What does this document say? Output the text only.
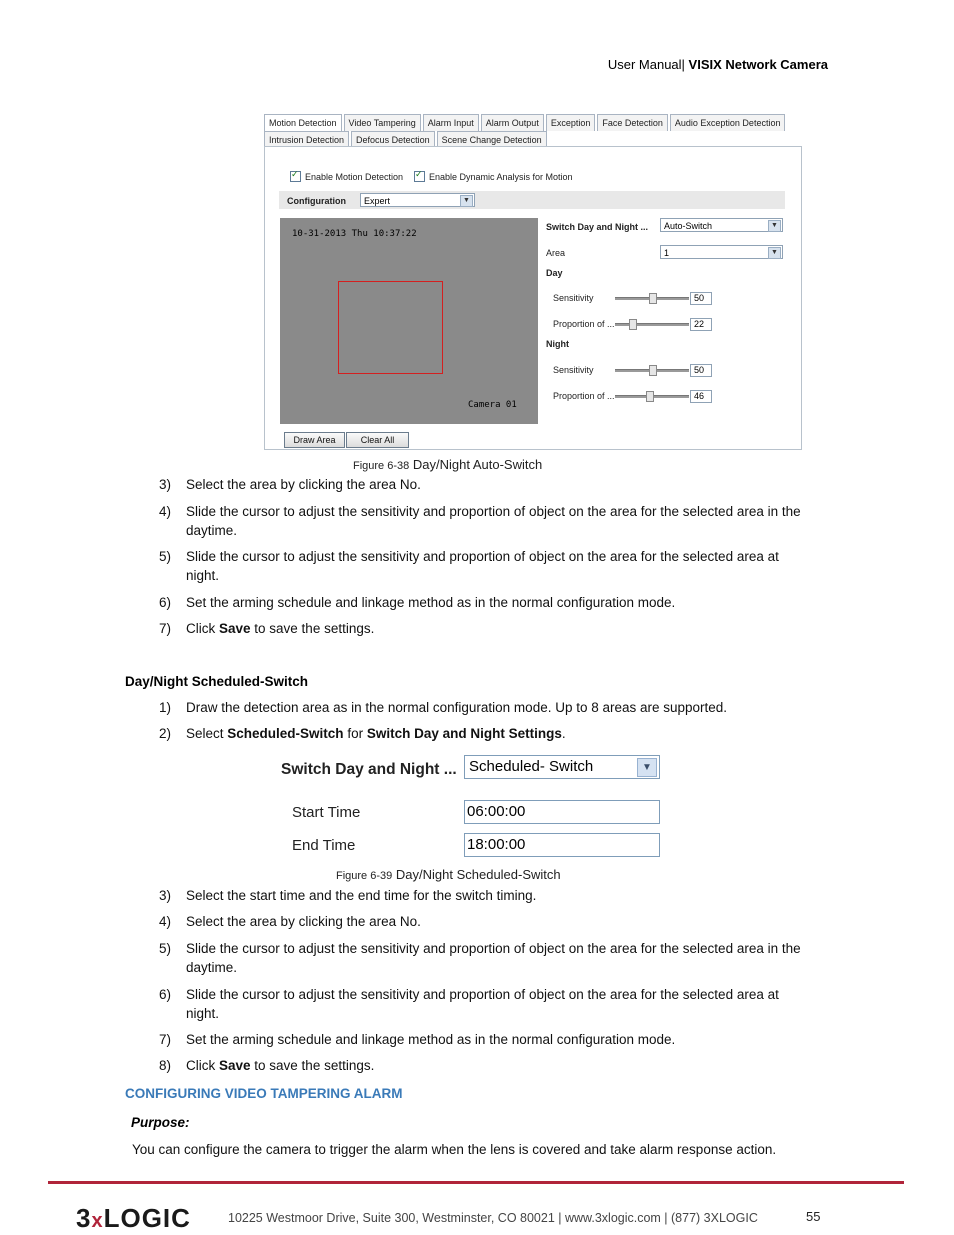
User Manual| VISIX Network Camera
Motion Detection	Video Tampering	Alarm Input	Alarm Output	Exception	Face Detection	Audio Exception Detection
Intrusion Detection	Defocus Detection	Scene Change Detection
✓
Enable Motion Detection ✓	Enable Dynamic Analysis for Motion
Configuration	Expert	▼
10-31-2013 Thu 10:37:22
Camera 01
Switch Day and Night ...	Auto-Switch	▼
Area	1	▼
Day
Sensitivity	50
Proportion of ...	22
Night
Sensitivity	50
Proportion of ...	46
Draw Area	Clear All
Figure 6-38 Day/Night Auto-Switch
3) Select the area by clicking the area No.
4) Slide the cursor to adjust the sensitivity and proportion of object on the area for the selected area in the daytime.
5) Slide the cursor to adjust the sensitivity and proportion of object on the area for the selected area at night.
6) Set the arming schedule and linkage method as in the normal configuration mode.
7) Click Save to save the settings.
Day/Night Scheduled-Switch
1) Draw the detection area as in the normal configuration mode. Up to 8 areas are supported.
2) Select Scheduled-Switch for Switch Day and Night Settings.
Switch Day and Night ... Scheduled- Switch	▼
Start Time	06:00:00
End Time	18:00:00
Figure 6-39 Day/Night Scheduled-Switch
3) Select the start time and the end time for the switch timing.
4) Select the area by clicking the area No.
5) Slide the cursor to adjust the sensitivity and proportion of object on the area for the selected area in the daytime.
6) Slide the cursor to adjust the sensitivity and proportion of object on the area for the selected area at night.
7) Set the arming schedule and linkage method as in the normal configuration mode.
8) Click Save to save the settings.
CONFIGURING VIDEO TAMPERING ALARM
Purpose:
You can configure the camera to trigger the alarm when the lens is covered and take alarm response action.
3xLOGIC	10225 Westmoor Drive, Suite 300, Westminster, CO 80021 | www.3xlogic.com | (877) 3XLOGIC	55
